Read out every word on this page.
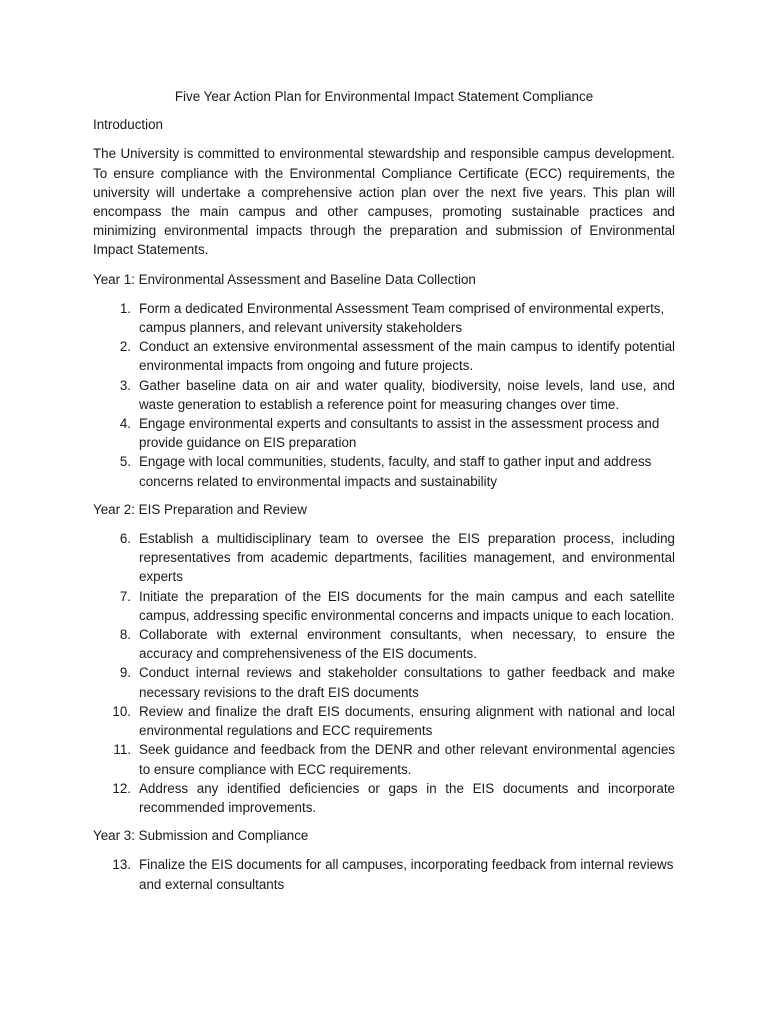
Five Year Action Plan for Environmental Impact Statement Compliance

Introduction

The University is committed to environmental stewardship and responsible campus development. To ensure compliance with the Environmental Compliance Certificate (ECC) requirements, the university will undertake a comprehensive action plan over the next five years. This plan will encompass the main campus and other campuses, promoting sustainable practices and minimizing environmental impacts through the preparation and submission of Environmental Impact Statements.

Year 1: Environmental Assessment and Baseline Data Collection

1. Form a dedicated Environmental Assessment Team comprised of environmental experts, campus planners, and relevant university stakeholders
2. Conduct an extensive environmental assessment of the main campus to identify potential environmental impacts from ongoing and future projects.
3. Gather baseline data on air and water quality, biodiversity, noise levels, land use, and waste generation to establish a reference point for measuring changes over time.
4. Engage environmental experts and consultants to assist in the assessment process and provide guidance on EIS preparation
5. Engage with local communities, students, faculty, and staff to gather input and address concerns related to environmental impacts and sustainability

Year 2: EIS Preparation and Review

6. Establish a multidisciplinary team to oversee the EIS preparation process, including representatives from academic departments, facilities management, and environmental experts
7. Initiate the preparation of the EIS documents for the main campus and each satellite campus, addressing specific environmental concerns and impacts unique to each location.
8. Collaborate with external environment consultants, when necessary, to ensure the accuracy and comprehensiveness of the EIS documents.
9. Conduct internal reviews and stakeholder consultations to gather feedback and make necessary revisions to the draft EIS documents
10. Review and finalize the draft EIS documents, ensuring alignment with national and local environmental regulations and ECC requirements
11. Seek guidance and feedback from the DENR and other relevant environmental agencies to ensure compliance with ECC requirements.
12. Address any identified deficiencies or gaps in the EIS documents and incorporate recommended improvements.

Year 3: Submission and Compliance

13. Finalize the EIS documents for all campuses, incorporating feedback from internal reviews and external consultants
